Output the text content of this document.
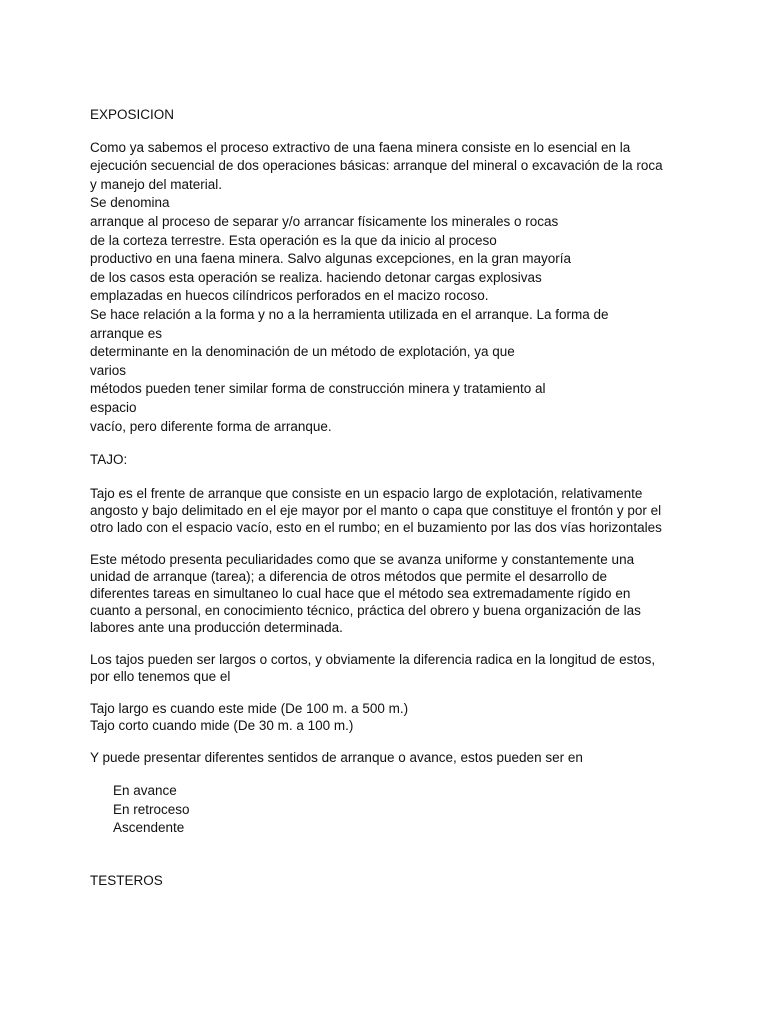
EXPOSICION
Como ya sabemos el proceso extractivo de una faena minera consiste en lo esencial en la
ejecución secuencial de dos operaciones básicas: arranque del mineral o excavación de la roca
y manejo del material.
Se denomina
arranque al proceso de separar y/o arrancar físicamente los minerales o rocas
de la corteza terrestre. Esta operación es la que da inicio al proceso
productivo en una faena minera. Salvo algunas excepciones, en la gran mayoría
de los casos esta operación se realiza. haciendo detonar cargas explosivas
emplazadas en huecos cilíndricos perforados en el macizo rocoso.
Se hace relación a la forma y no a la herramienta utilizada en el arranque. La forma de
arranque es
determinante en la denominación de un método de explotación, ya que
varios
métodos pueden tener similar forma de construcción minera y tratamiento al
espacio
vacío, pero diferente forma de arranque.
TAJO:
Tajo es el frente de arranque que consiste en un espacio largo de explotación, relativamente
angosto y bajo delimitado en el eje mayor por el manto o capa que constituye el frontón y por el
otro lado con el espacio vacío, esto en el rumbo; en el buzamiento por las dos vías horizontales
Este método presenta peculiaridades como que se avanza uniforme y constantemente una
unidad de arranque (tarea); a diferencia de otros métodos que permite el desarrollo de
diferentes tareas en simultaneo lo cual hace que el método sea extremadamente rígido en
cuanto a personal, en conocimiento técnico, práctica del obrero y buena organización de las
labores ante una producción determinada.
Los tajos pueden ser largos o cortos, y obviamente la diferencia radica en la longitud de estos,
por ello tenemos que el
Tajo largo es cuando este mide (De 100 m. a 500 m.)
Tajo corto cuando mide (De 30 m. a 100 m.)
Y puede presentar diferentes sentidos de arranque o avance, estos pueden ser en
En avance
En retroceso
Ascendente
TESTEROS
